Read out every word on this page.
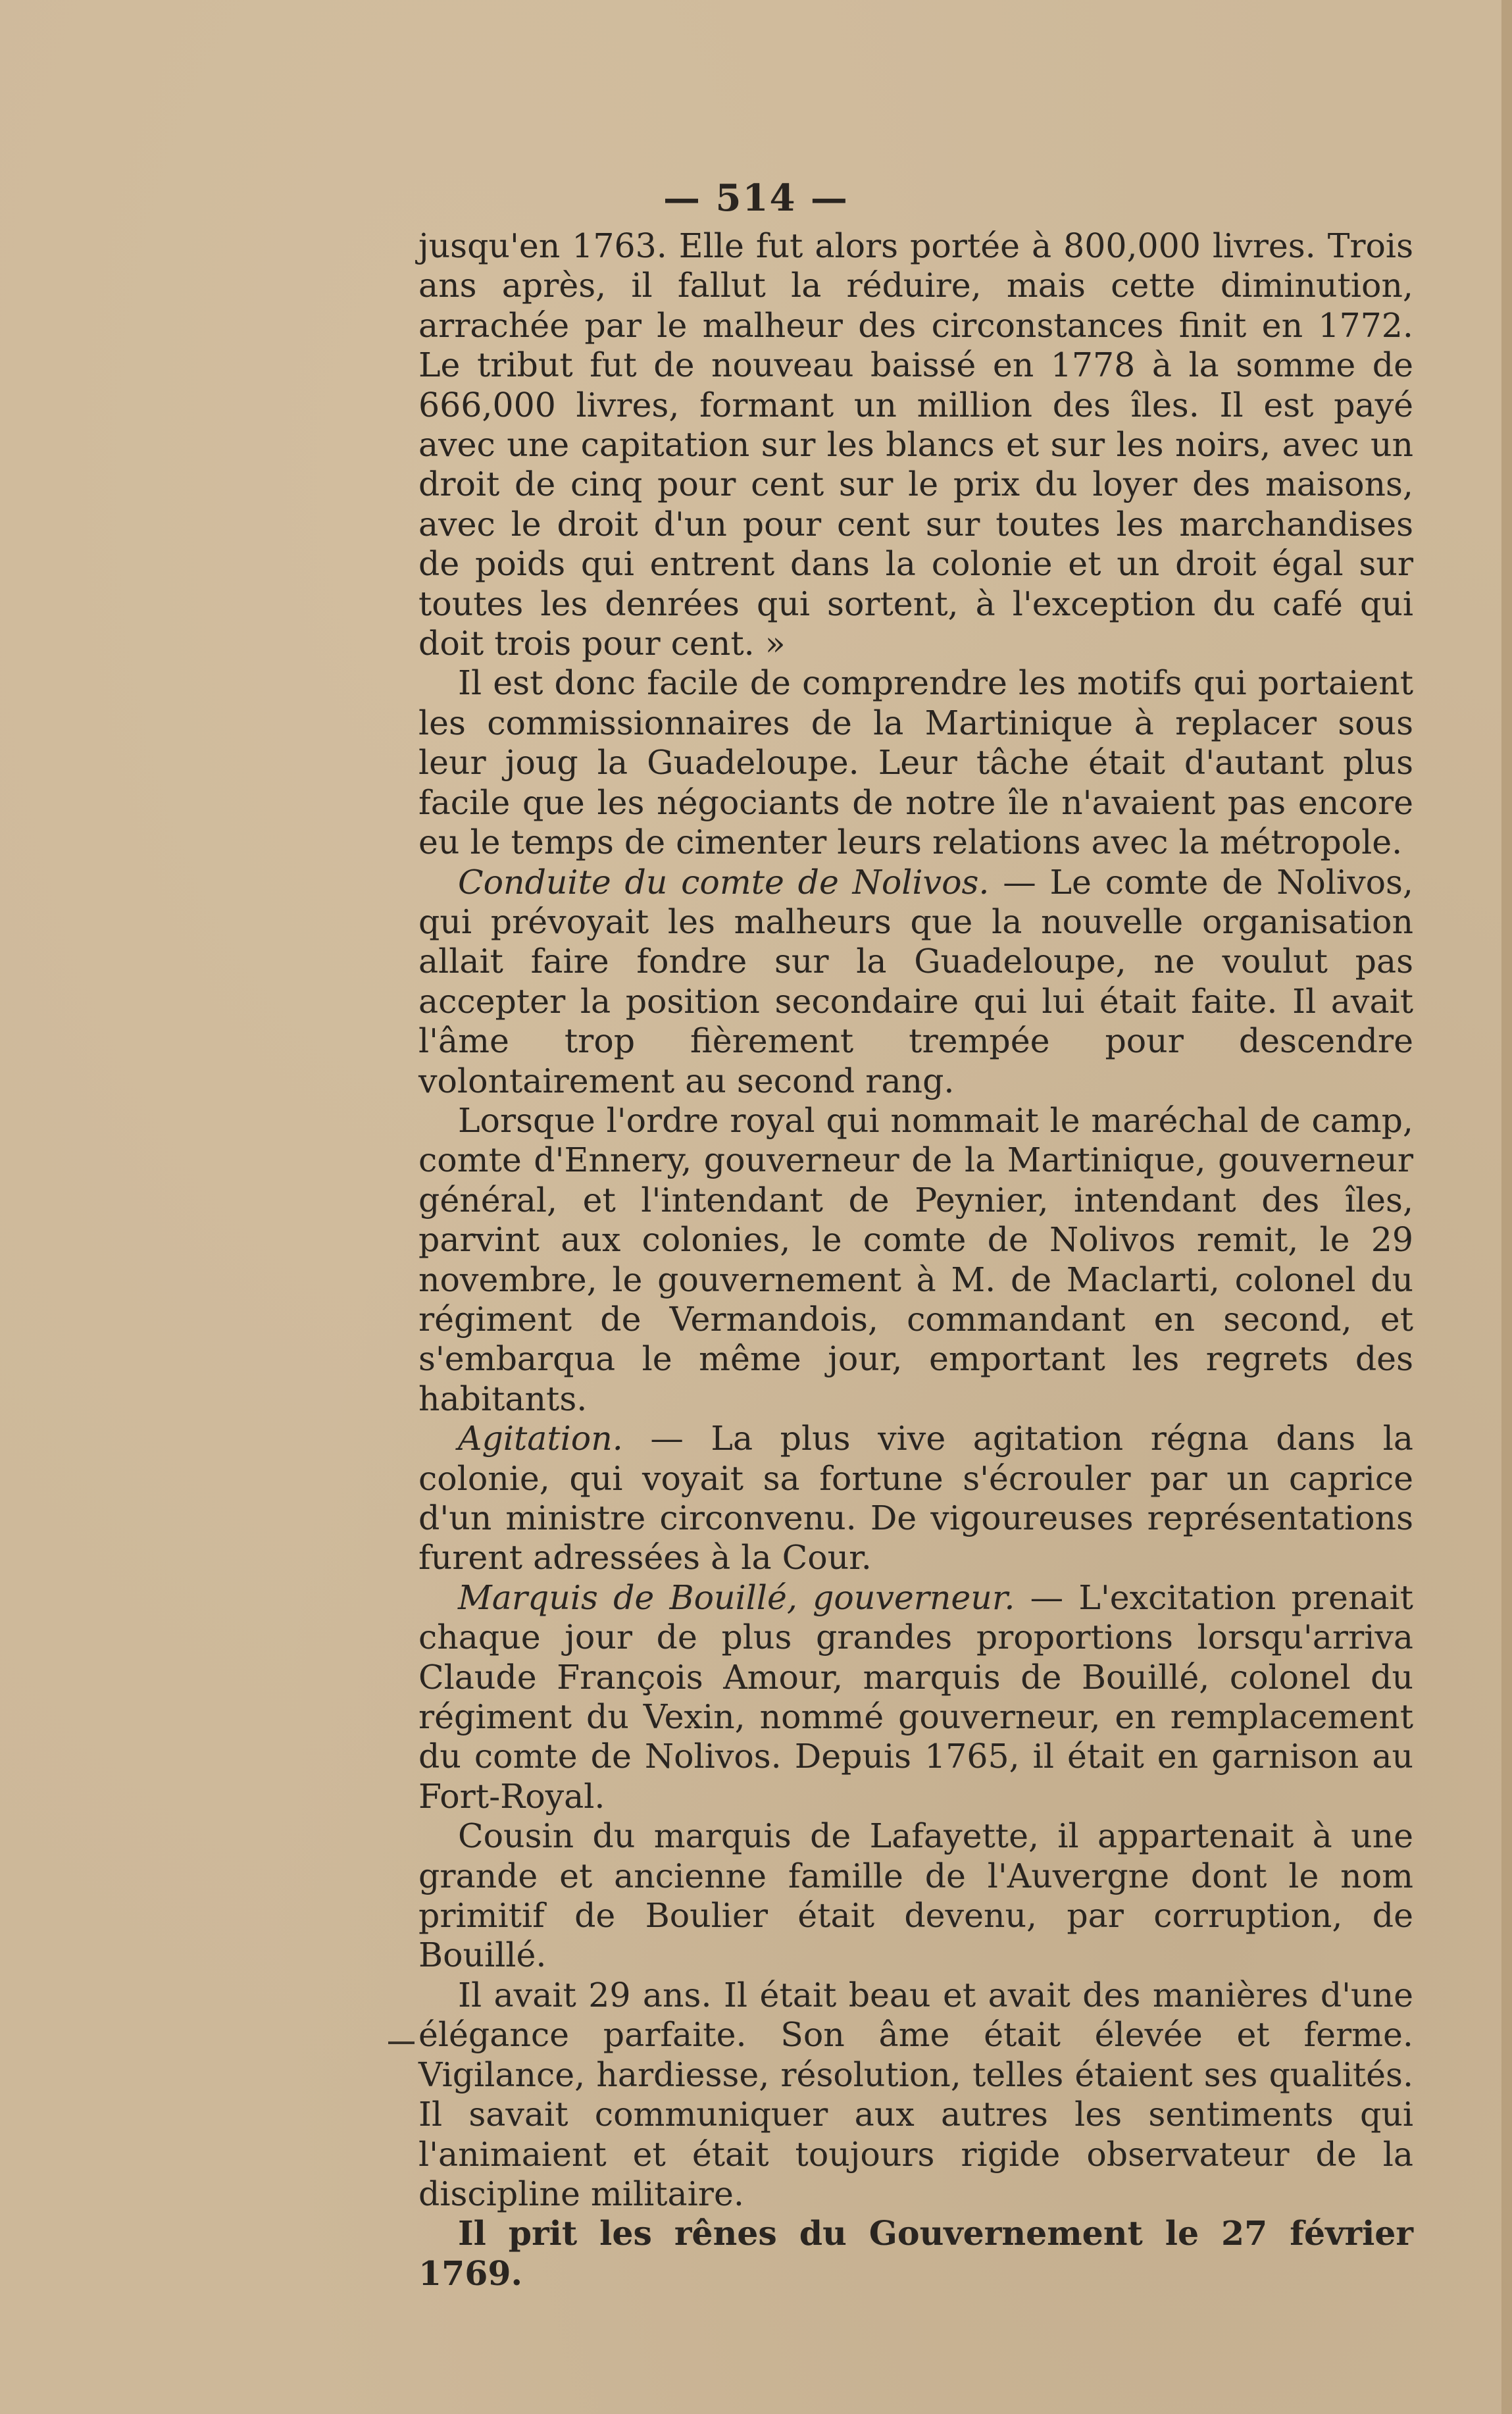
— 514 —

jusqu'en 1763. Elle fut alors portée à 800,000 livres. Trois ans après, il fallut la réduire, mais cette diminution, arrachée par le malheur des circonstances finit en 1772. Le tribut fut de nouveau baissé en 1778 à la somme de 666,000 livres, formant un million des îles. Il est payé avec une capitation sur les blancs et sur les noirs, avec un droit de cinq pour cent sur le prix du loyer des maisons, avec le droit d'un pour cent sur toutes les marchandises de poids qui entrent dans la colonie et un droit égal sur toutes les denrées qui sortent, à l'exception du café qui doit trois pour cent. »

Il est donc facile de comprendre les motifs qui portaient les commissionnaires de la Martinique à replacer sous leur joug la Guadeloupe. Leur tâche était d'autant plus facile que les négociants de notre île n'avaient pas encore eu le temps de cimenter leurs relations avec la métropole.

Conduite du comte de Nolivos. — Le comte de Nolivos, qui prévoyait les malheurs que la nouvelle organisation allait faire fondre sur la Guadeloupe, ne voulut pas accepter la position secondaire qui lui était faite. Il avait l'âme trop fièrement trempée pour descendre volontairement au second rang.

Lorsque l'ordre royal qui nommait le maréchal de camp, comte d'Ennery, gouverneur de la Martinique, gouverneur général, et l'intendant de Peynier, intendant des îles, parvint aux colonies, le comte de Nolivos remit, le 29 novembre, le gouvernement à M. de Maclarti, colonel du régiment de Vermandois, commandant en second, et s'embarqua le même jour, emportant les regrets des habitants.

Agitation. — La plus vive agitation régna dans la colonie, qui voyait sa fortune s'écrouler par un caprice d'un ministre circonvenu. De vigoureuses représentations furent adressées à la Cour.

Marquis de Bouillé, gouverneur. — L'excitation prenait chaque jour de plus grandes proportions lorsqu'arriva Claude François Amour, marquis de Bouillé, colonel du régiment du Vexin, nommé gouverneur, en remplacement du comte de Nolivos. Depuis 1765, il était en garnison au Fort-Royal.

Cousin du marquis de Lafayette, il appartenait à une grande et ancienne famille de l'Auvergne dont le nom primitif de Boulier était devenu, par corruption, de Bouillé.

Il avait 29 ans. Il était beau et avait des manières d'une élégance parfaite. Son âme était élevée et ferme. Vigilance, hardiesse, résolution, telles étaient ses qualités. Il savait communiquer aux autres les sentiments qui l'animaient et était toujours rigide observateur de la discipline militaire.

Il prit les rênes du Gouvernement le 27 février 1769.
